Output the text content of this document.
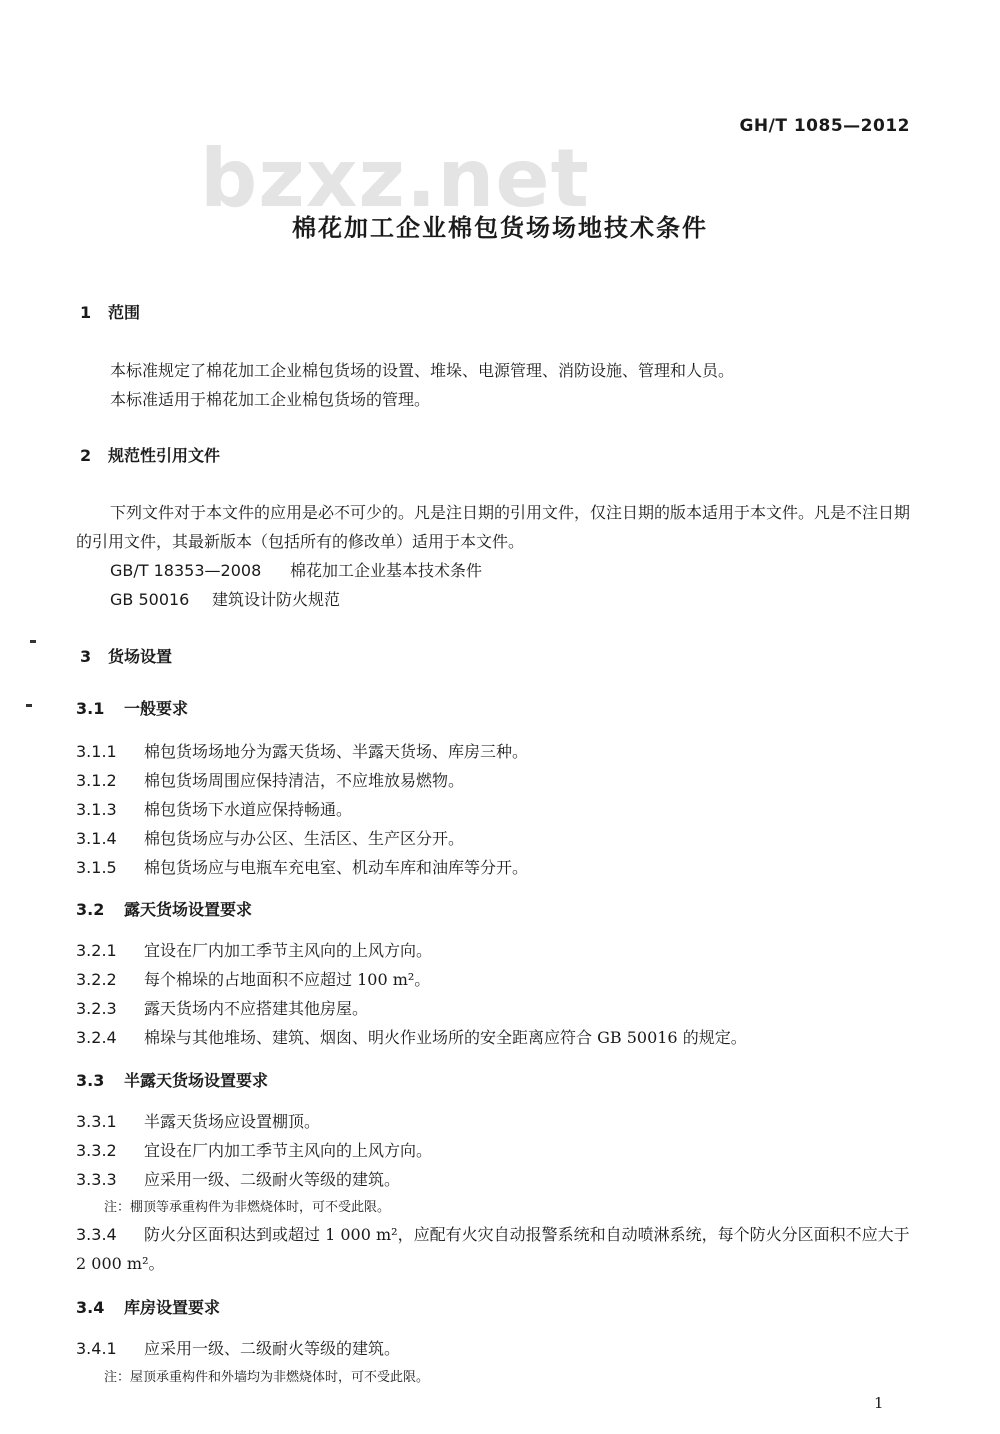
GH/T 1085—2012
bzxz.net
棉花加工企业棉包货场场地技术条件
1 范围
本标准规定了棉花加工企业棉包货场的设置、堆垛、电源管理、消防设施、管理和人员。
本标准适用于棉花加工企业棉包货场的管理。
2 规范性引用文件
下列文件对于本文件的应用是必不可少的。凡是注日期的引用文件，仅注日期的版本适用于本文件。凡是不注日期的引用文件，其最新版本（包括所有的修改单）适用于本文件。
GB/T 18353—2008 棉花加工企业基本技术条件
GB 50016 建筑设计防火规范
3 货场设置
3.1 一般要求
3.1.1 棉包货场场地分为露天货场、半露天货场、库房三种。
3.1.2 棉包货场周围应保持清洁，不应堆放易燃物。
3.1.3 棉包货场下水道应保持畅通。
3.1.4 棉包货场应与办公区、生活区、生产区分开。
3.1.5 棉包货场应与电瓶车充电室、机动车库和油库等分开。
3.2 露天货场设置要求
3.2.1 宜设在厂内加工季节主风向的上风方向。
3.2.2 每个棉垛的占地面积不应超过 100 m²。
3.2.3 露天货场内不应搭建其他房屋。
3.2.4 棉垛与其他堆场、建筑、烟囱、明火作业场所的安全距离应符合 GB 50016 的规定。
3.3 半露天货场设置要求
3.3.1 半露天货场应设置棚顶。
3.3.2 宜设在厂内加工季节主风向的上风方向。
3.3.3 应采用一级、二级耐火等级的建筑。
注：棚顶等承重构件为非燃烧体时，可不受此限。
3.3.4 防火分区面积达到或超过 1 000 m²，应配有火灾自动报警系统和自动喷淋系统，每个防火分区面积不应大于 2 000 m²。
3.4 库房设置要求
3.4.1 应采用一级、二级耐火等级的建筑。
注：屋顶承重构件和外墙均为非燃烧体时，可不受此限。
1
